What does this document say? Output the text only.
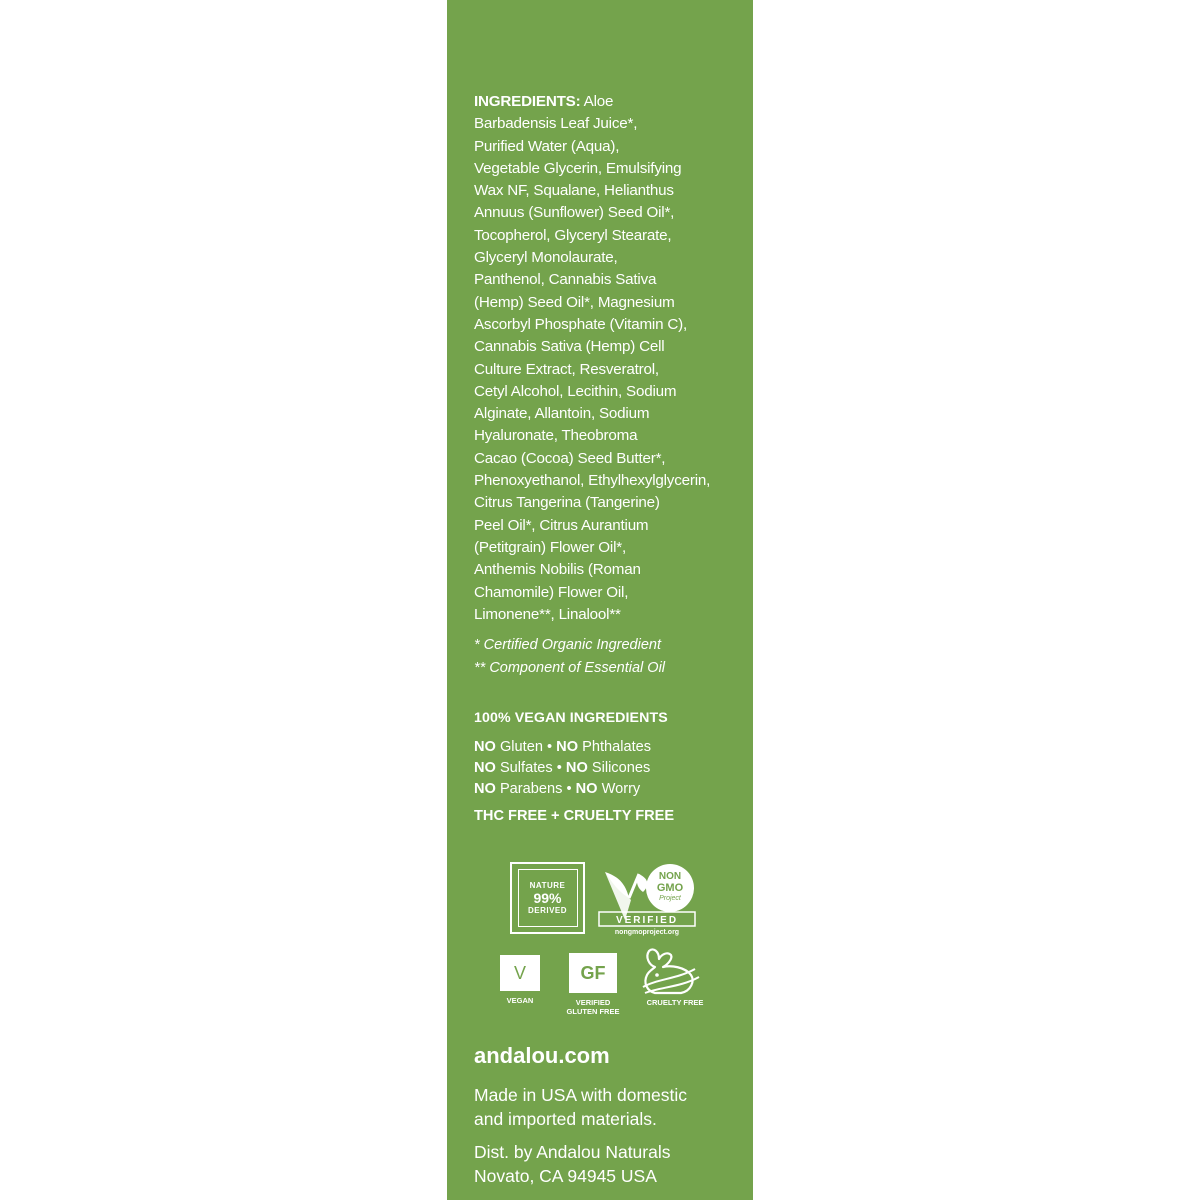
INGREDIENTS: Aloe
Barbadensis Leaf Juice*,
Purified Water (Aqua),
Vegetable Glycerin, Emulsifying
Wax NF, Squalane, Helianthus
Annuus (Sunflower) Seed Oil*,
Tocopherol, Glyceryl Stearate,
Glyceryl Monolaurate,
Panthenol, Cannabis Sativa
(Hemp) Seed Oil*, Magnesium
Ascorbyl Phosphate (Vitamin C),
Cannabis Sativa (Hemp) Cell
Culture Extract, Resveratrol,
Cetyl Alcohol, Lecithin, Sodium
Alginate, Allantoin, Sodium
Hyaluronate, Theobroma
Cacao (Cocoa) Seed Butter*,
Phenoxyethanol, Ethylhexylglycerin,
Citrus Tangerina (Tangerine)
Peel Oil*, Citrus Aurantium
(Petitgrain) Flower Oil*,
Anthemis Nobilis (Roman
Chamomile) Flower Oil,
Limonene**, Linalool**
* Certified Organic Ingredient
** Component of Essential Oil
100% VEGAN INGREDIENTS
NO Gluten • NO Phthalates
NO Sulfates • NO Silicones
NO Parabens • NO Worry
THC FREE + CRUELTY FREE
NATURE
99%
DERIVED
NON
GMO
Project
VERIFIED
nongmoproject.org
V
VEGAN
GF
VERIFIED
GLUTEN FREE
CRUELTY FREE
andalou.com
Made in USA with domestic
and imported materials.
Dist. by Andalou Naturals
Novato, CA 94945 USA
